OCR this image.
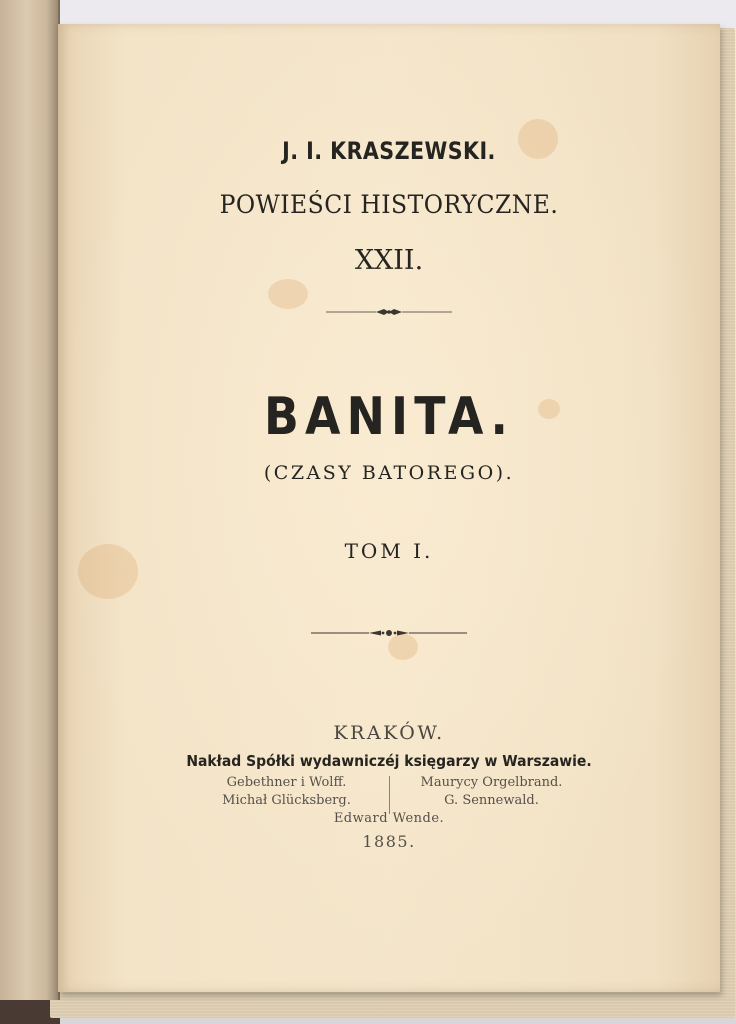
J. I. KRASZEWSKI.
POWIEŚCI HISTORYCZNE.
XXII.
BANITA.
(CZASY BATOREGO).
TOM I.
KRAKÓW.
Nakład Spółki wydawniczéj księgarzy w Warszawie.
Gebethner i Wolff.
Michał Glücksberg.
Maurycy Orgelbrand.
G. Sennewald.
Edward Wende.
1885.
